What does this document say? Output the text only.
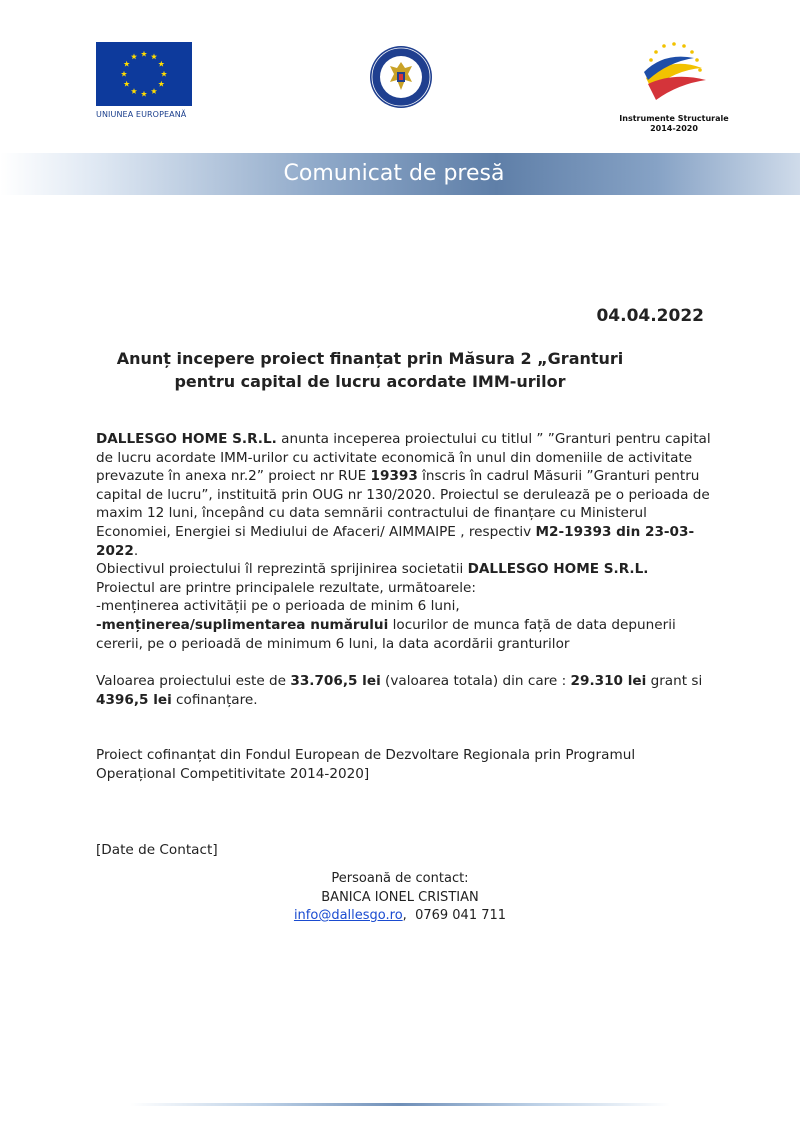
UNIUNEA EUROPEANĂ	Instrumente Structurale
2014-2020
Comunicat de presă
04.04.2022
Anunț incepere proiect finanțat prin Măsura 2 „Granturi
pentru capital de lucru acordate IMM-urilor

DALLESGO HOME S.R.L. anunta inceperea proiectului cu titlul ” ”Granturi pentru capital de lucru acordate IMM-urilor cu activitate economică în unul din domeniile de activitate prevazute în anexa nr.2” proiect nr RUE 19393 înscris în cadrul Măsurii ”Granturi pentru capital de lucru”, instituită prin OUG nr 130/2020. Proiectul se derulează pe o perioada de maxim 12 luni, începând cu data semnării contractului de finanțare cu Ministerul Economiei, Energiei si Mediului de Afaceri/ AIMMAIPE , respectiv M2-19393 din 23-03-2022.

Obiectivul proiectului îl reprezintă sprijinirea societatii DALLESGO HOME S.R.L.

Proiectul are printre principalele rezultate, următoarele:

-menținerea activității pe o perioada de minim 6 luni,

-menținerea/suplimentarea numărului locurilor de munca față de data depunerii cererii, pe o perioadă de minimum 6 luni, la data acordării granturilor

Valoarea proiectului este de 33.706,5 lei (valoarea totala) din care : 29.310 lei grant si 4396,5 lei cofinanțare.

Proiect cofinanțat din Fondul European de Dezvoltare Regionala prin Programul Operațional Competitivitate 2014-2020]

[Date de Contact]

Persoană de contact:
BANICA IONEL CRISTIAN
info@dallesgo.ro,  0769 041 711
